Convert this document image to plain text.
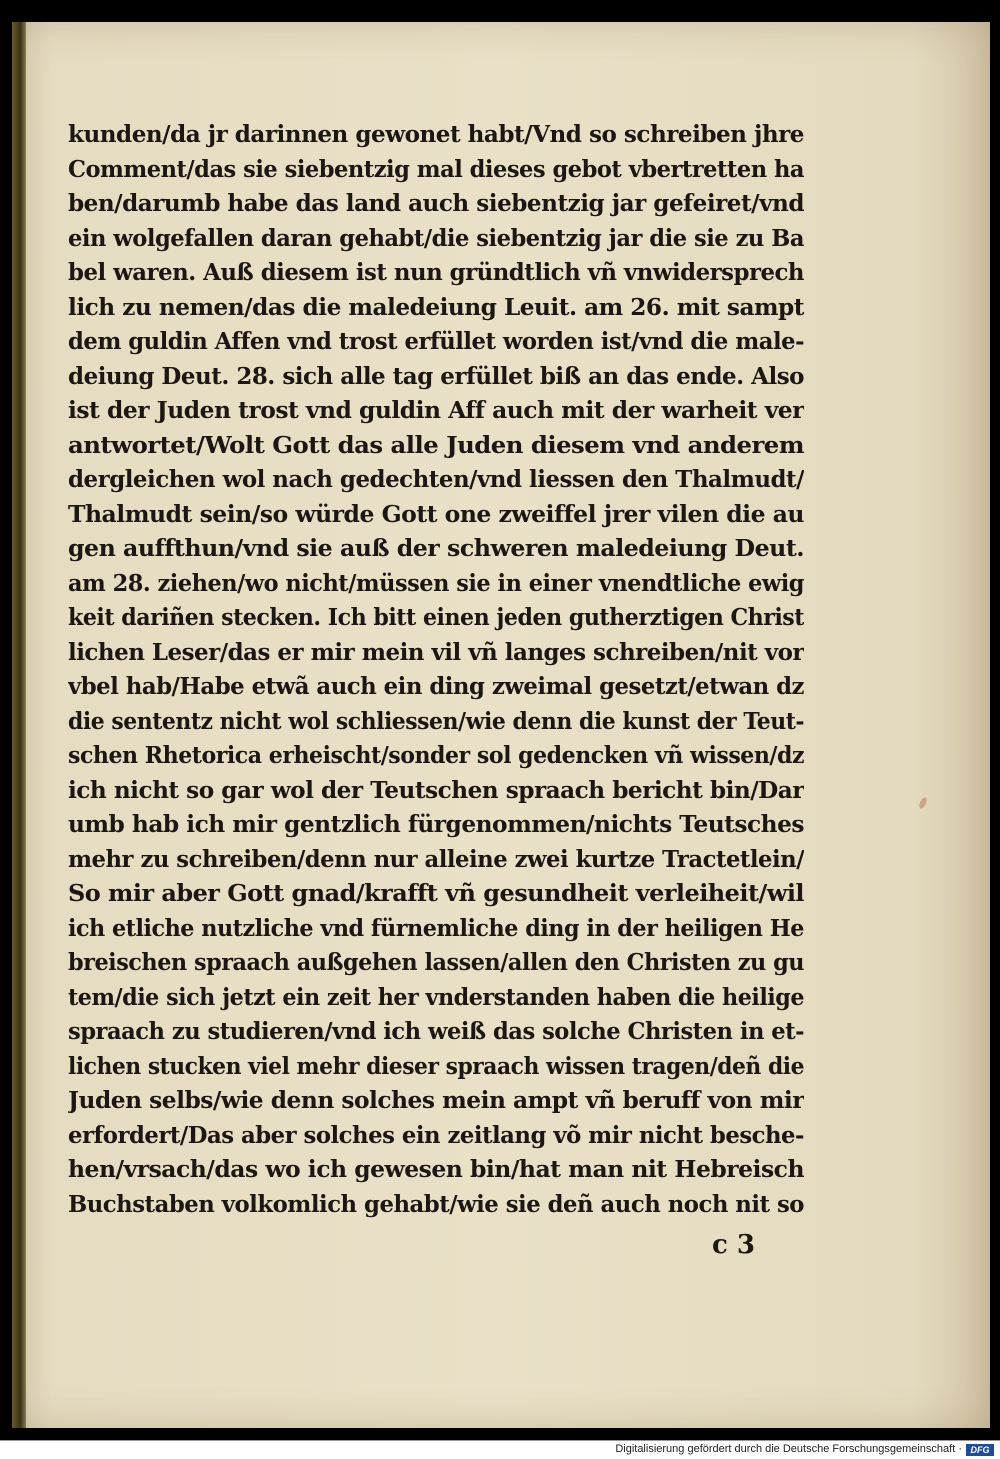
kunden/da jr darinnen gewonet habt/Vnd so schreiben jhre
Comment/das sie siebentzig mal dieses gebot vbertretten ha
ben/darumb habe das land auch siebentzig jar gefeiret/vnd
ein wolgefallen daran gehabt/die siebentzig jar die sie zu Ba
bel waren. Auß diesem ist nun gründtlich vñ vnwidersprech
lich zu nemen/das die maledeiung Leuit. am 26. mit sampt
dem guldin Affen vnd trost erfüllet worden ist/vnd die male-
deiung Deut. 28. sich alle tag erfüllet biß an das ende. Also
ist der Juden trost vnd guldin Aff auch mit der warheit ver
antwortet/Wolt Gott das alle Juden diesem vnd anderem
dergleichen wol nach gedechten/vnd liessen den Thalmudt/
Thalmudt sein/so würde Gott one zweiffel jrer vilen die au
gen auffthun/vnd sie auß der schweren maledeiung Deut.
am 28. ziehen/wo nicht/müssen sie in einer vnendtliche ewig
keit dariñen stecken. Ich bitt einen jeden gutherztigen Christ
lichen Leser/das er mir mein vil vñ langes schreiben/nit vor
vbel hab/Habe etwã auch ein ding zweimal gesetzt/etwan dz
die sententz nicht wol schliessen/wie denn die kunst der Teut-
schen Rhetorica erheischt/sonder sol gedencken vñ wissen/dz
ich nicht so gar wol der Teutschen spraach bericht bin/Dar
umb hab ich mir gentzlich fürgenommen/nichts Teutsches
mehr zu schreiben/denn nur alleine zwei kurtze Tractetlein/
So mir aber Gott gnad/krafft vñ gesundheit verleiheit/wil
ich etliche nutzliche vnd fürnemliche ding in der heiligen He
breischen spraach außgehen lassen/allen den Christen zu gu
tem/die sich jetzt ein zeit her vnderstanden haben die heilige
spraach zu studieren/vnd ich weiß das solche Christen in et-
lichen stucken viel mehr dieser spraach wissen tragen/deñ die
Juden selbs/wie denn solches mein ampt vñ beruff von mir
erfordert/Das aber solches ein zeitlang võ mir nicht besche-
hen/vrsach/das wo ich gewesen bin/hat man nit Hebreisch
Buchstaben volkomlich gehabt/wie sie deñ auch noch nit so
c 3
Digitalisierung gefördert durch die Deutsche Forschungsgemeinschaft · DFG
